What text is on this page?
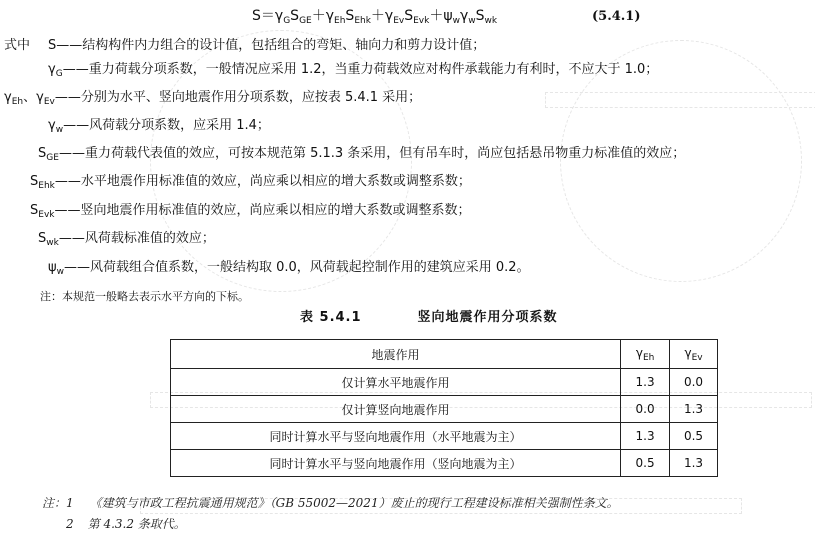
$S=\gamma_GS_{GE}+\gamma_{Eh}S_{Ehk}+\gamma_{Ev}S_{Evk}+\psi_w\gamma_wS_{wk}$	(5.4.1)
式中 S——结构构件内力组合的设计值，包括组合的弯矩、轴向力和剪力设计值；
$\gamma_G——$重力荷载分项系数，一般情况应采用 1.2，当重力荷载效应对构件承载能力有利时，不应大于 1.0；
$\gamma_{Eh}$、$\gamma_{Ev}——$分别为水平、竖向地震作用分项系数，应按表 5.4.1 采用；
$\gamma_w——$风荷载分项系数，应采用 1.4；
$S_{GE}——$重力荷载代表值的效应，可按本规范第 5.1.3 条采用，但有吊车时，尚应包括悬吊物重力标准值的效应；
$S_{Ehk}——$水平地震作用标准值的效应，尚应乘以相应的增大系数或调整系数；
$S_{Evk}——$竖向地震作用标准值的效应，尚应乘以相应的增大系数或调整系数；
$S_{wk}——$风荷载标准值的效应；
$\psi_w——$风荷载组合值系数，一般结构取 0.0，风荷载起控制作用的建筑应采用 0.2。
注：本规范一般略去表示水平方向的下标。
表 5.4.1	竖向地震作用分项系数
地震作用	$\gamma_{Eh}$	$\gamma_{Ev}$
仅计算水平地震作用	1.3	0.0
仅计算竖向地震作用	0.0	1.3
同时计算水平与竖向地震作用（水平地震为主）	1.3	0.5
同时计算水平与竖向地震作用（竖向地震为主）	0.5	1.3
注：1 《建筑与市政工程抗震通用规范》（GB 55002—2021）废止的现行工程建设标准相关强制性条文。
2 第 4.3.2 条取代。
